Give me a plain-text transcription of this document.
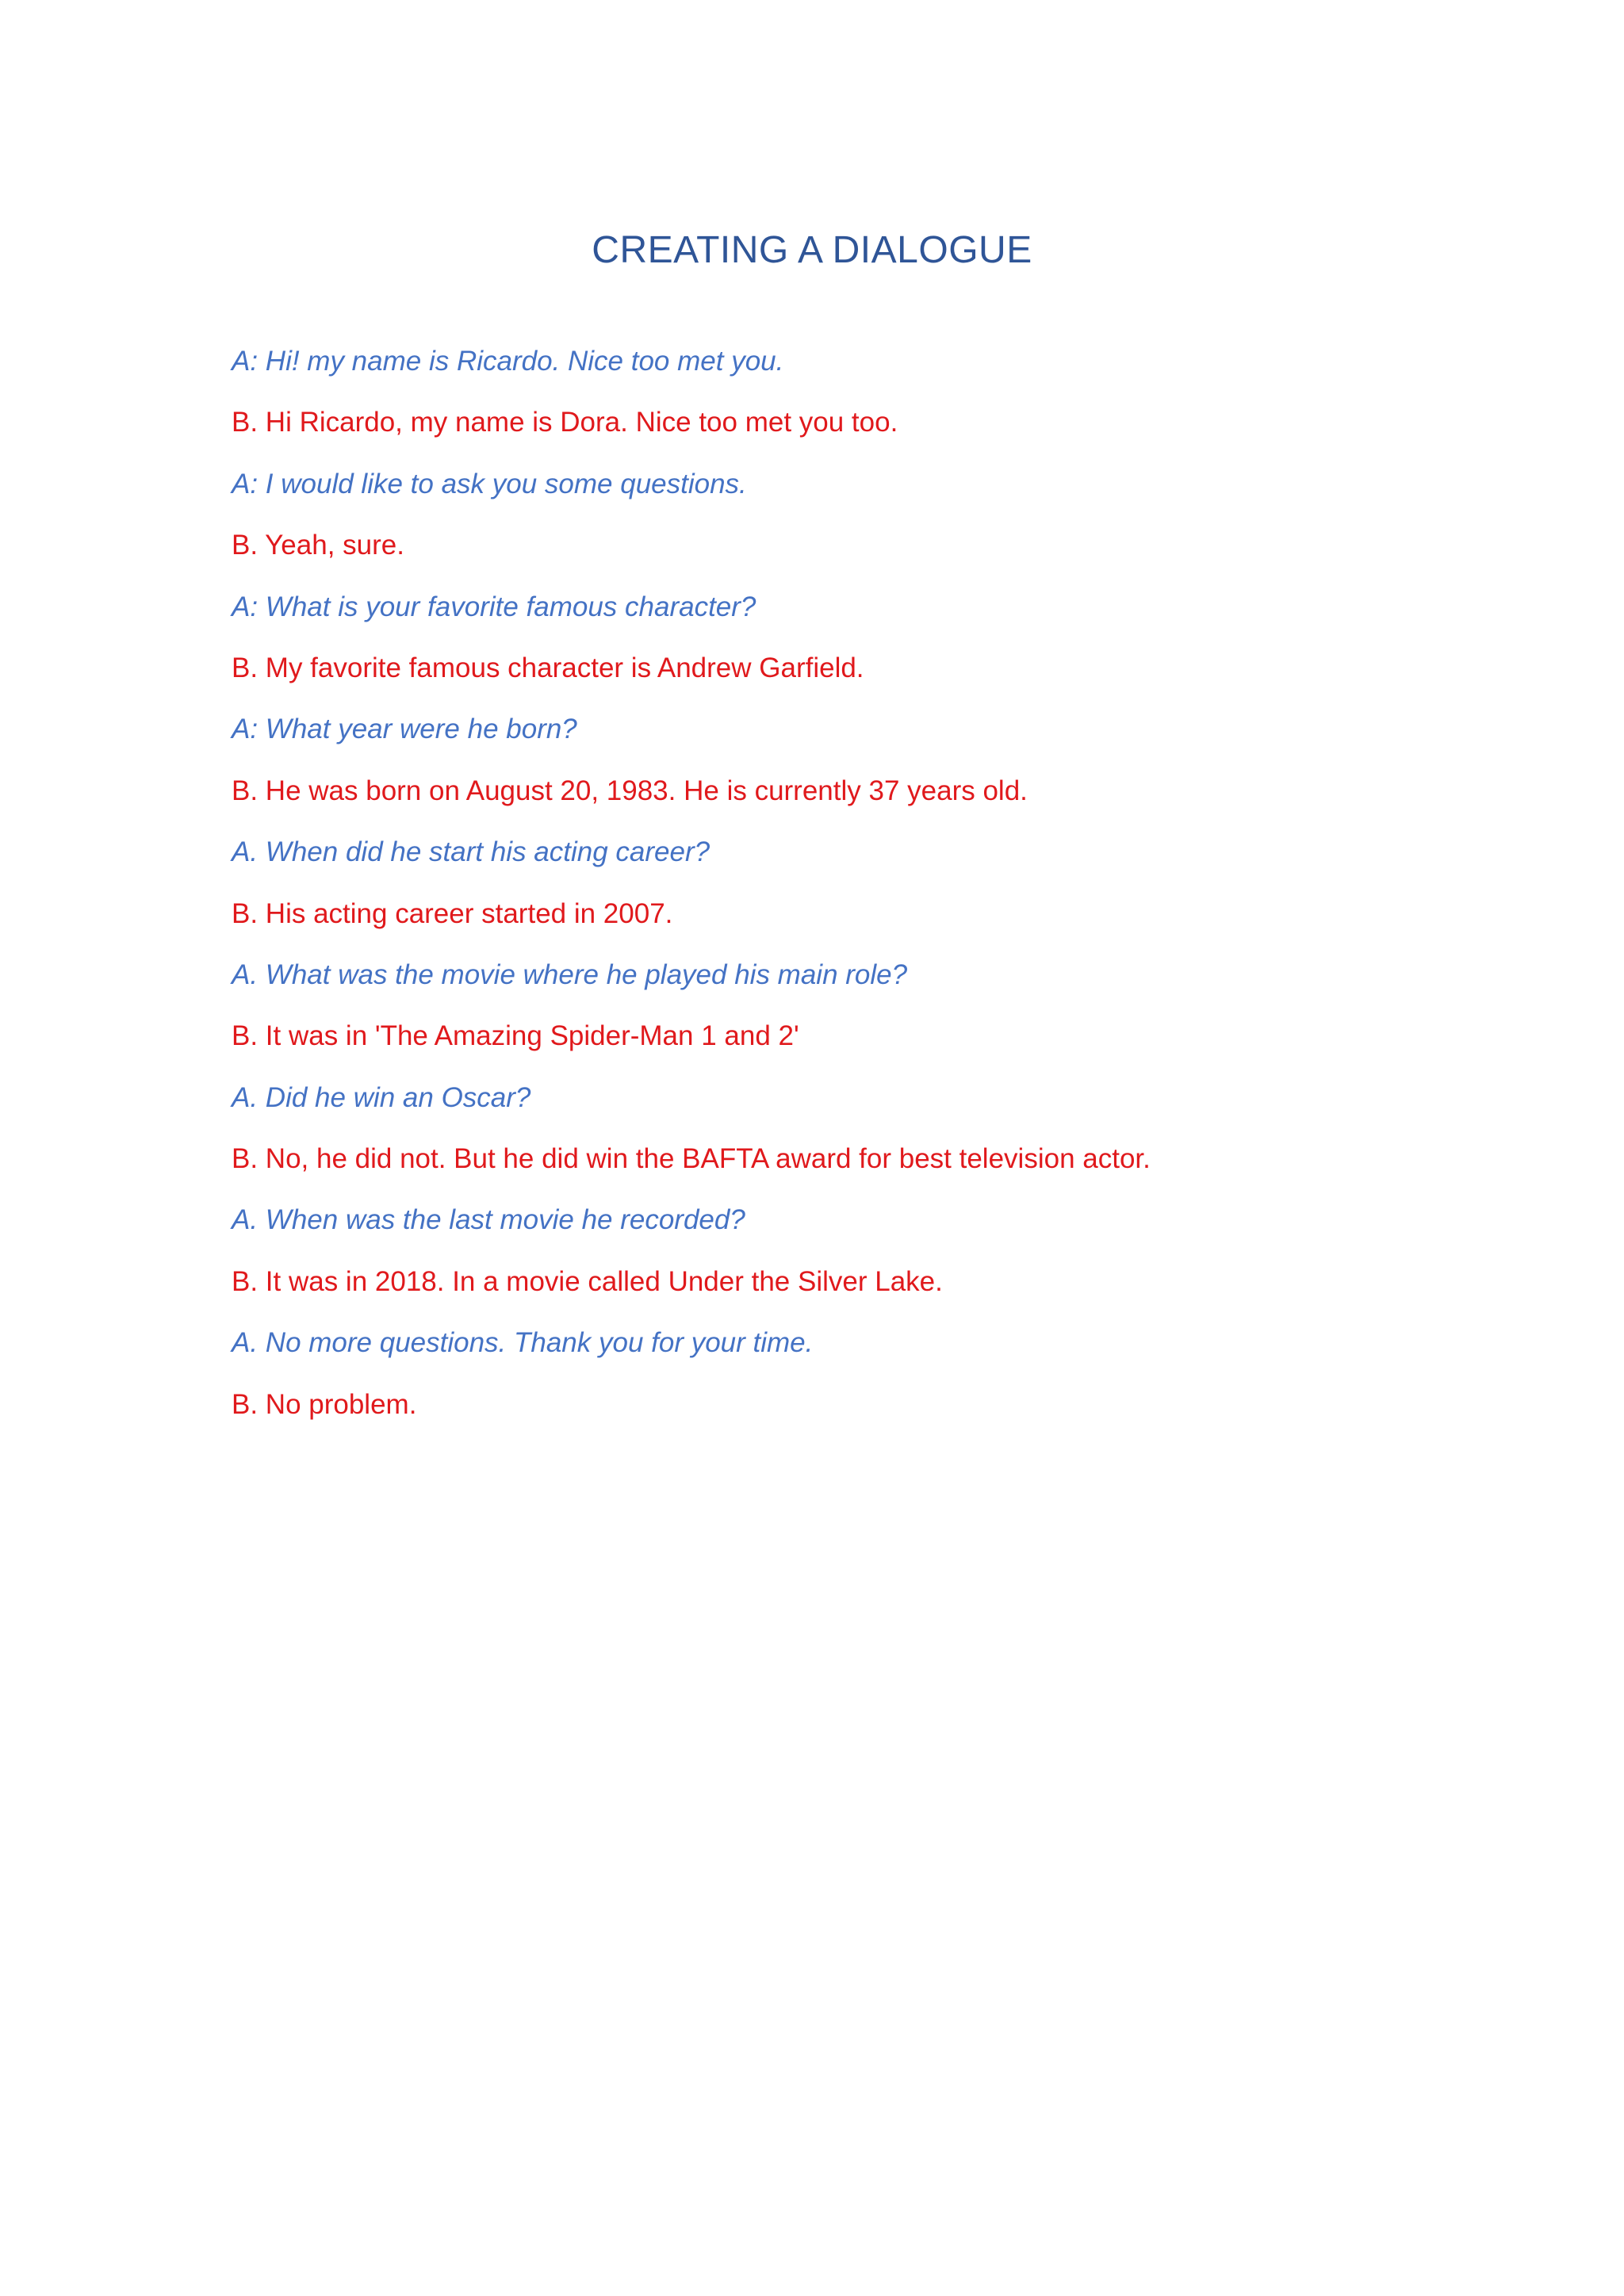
CREATING A DIALOGUE

A: Hi! my name is Ricardo. Nice too met you.

B. Hi Ricardo, my name is Dora. Nice too met you too.

A: I would like to ask you some questions.

B. Yeah, sure.

A: What is your favorite famous character?

B. My favorite famous character is Andrew Garfield.

A: What year were he born?

B. He was born on August 20, 1983. He is currently 37 years old.

A. When did he start his acting career?

B. His acting career started in 2007.

A. What was the movie where he played his main role?

B. It was in 'The Amazing Spider-Man 1 and 2'

A. Did he win an Oscar?

B. No, he did not. But he did win the BAFTA award for best television actor.

A. When was the last movie he recorded?

B. It was in 2018. In a movie called Under the Silver Lake.

A. No more questions. Thank you for your time.

B. No problem.
